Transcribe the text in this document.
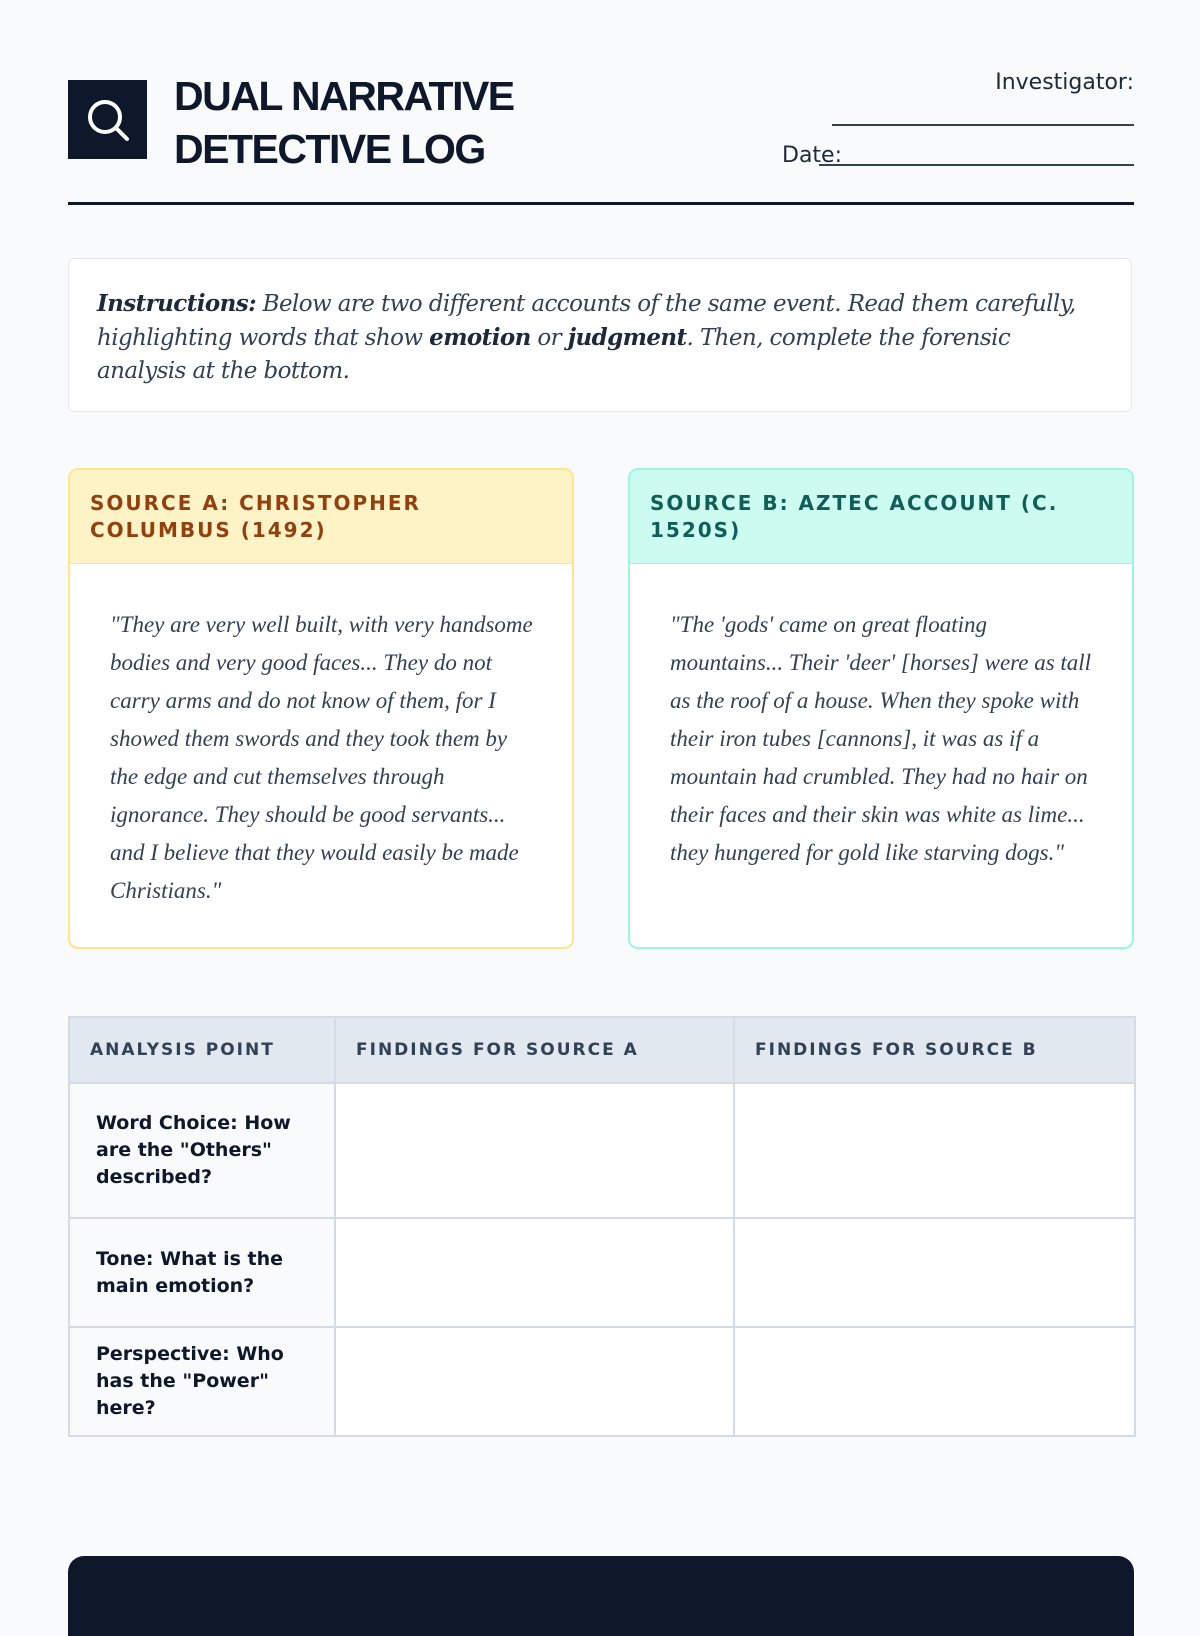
DUAL NARRATIVE
DETECTIVE LOG
Investigator:
Date:

Instructions: Below are two different accounts of the same event. Read them carefully, highlighting words that show emotion or judgment. Then, complete the forensic analysis at the bottom.

SOURCE A: CHRISTOPHER COLUMBUS (1492)
"They are very well built, with very handsome bodies and very good faces... They do not carry arms and do not know of them, for I showed them swords and they took them by the edge and cut themselves through ignorance. They should be good servants... and I believe that they would easily be made Christians."
SOURCE B: AZTEC ACCOUNT (C. 1520S)
"The 'gods' came on great floating mountains... Their 'deer' [horses] were as tall as the roof of a house. When they spoke with their iron tubes [cannons], it was as if a mountain had crumbled. They had no hair on their faces and their skin was white as lime... they hungered for gold like starving dogs."
ANALYSIS POINT	FINDINGS FOR SOURCE A	FINDINGS FOR SOURCE B
Word Choice: How are the "Others" described?		
Tone: What is the main emotion?		
Perspective: Who has the "Power" here?		
